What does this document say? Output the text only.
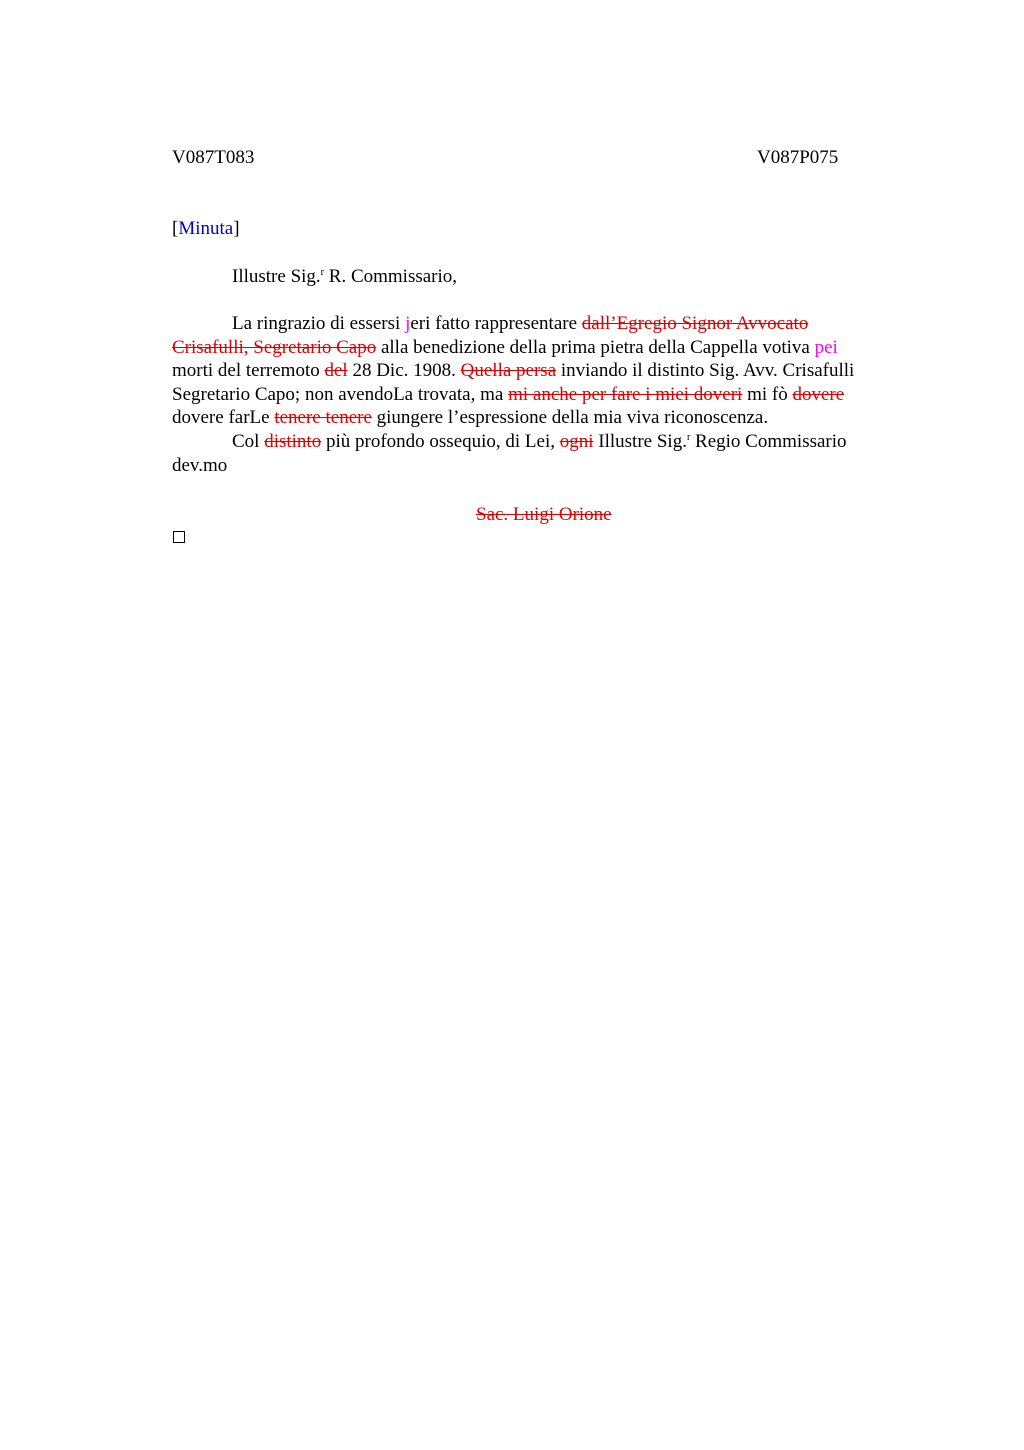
V087T083	V087P075
[Minuta]
Illustre Sig.$^r$ R. Commissario,
La ringrazio di essersi jeri fatto rappresentare dall’Egregio Signor Avvocato
Crisafulli, Segretario Capo alla benedizione della prima pietra della Cappella votiva pei
morti del terremoto del 28 Dic. 1908. Quella persa inviando il distinto Sig. Avv. Crisafulli
Segretario Capo; non avendoLa trovata, ma mi anche per fare i miei doveri mi fò dovere
dovere farLe tenere tenere giungere l’espressione della mia viva riconoscenza.
Col distinto più profondo ossequio, di Lei, ogni Illustre Sig.$^r$ Regio Commissario
dev.mo
Sac. Luigi Orione
